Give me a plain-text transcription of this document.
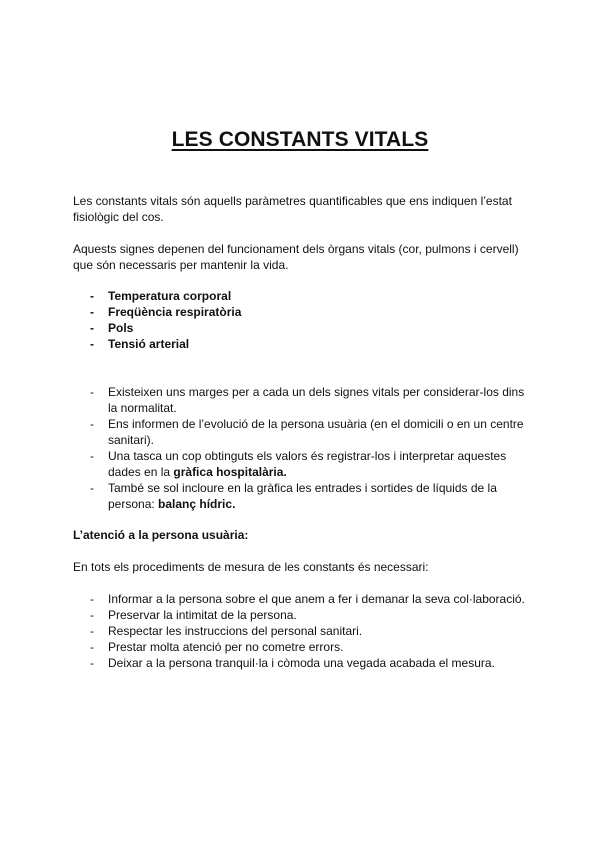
LES CONSTANTS VITALS

Les constants vitals són aquells paràmetres quantificables que ens indiquen l’estat fisiològic del cos.

Aquests signes depenen del funcionament dels òrgans vitals (cor, pulmons i cervell) que són necessaris per mantenir la vida.

- Temperatura corporal
- Freqüència respiratòria
- Pols
- Tensió arterial
- Existeixen uns marges per a cada un dels signes vitals per considerar-los dins la normalitat.
- Ens informen de l’evolució de la persona usuària (en el domicili o en un centre sanitari).
- Una tasca un cop obtinguts els valors és registrar-los i interpretar aquestes dades en la gràfica hospitalària.
- També se sol incloure en la gràfica les entrades i sortides de líquids de la persona: balanç hídric.

L’atenció a la persona usuària:

En tots els procediments de mesura de les constants és necessari:

- Informar a la persona sobre el que anem a fer i demanar la seva col·laboració.
- Preservar la intimitat de la persona.
- Respectar les instruccions del personal sanitari.
- Prestar molta atenció per no cometre errors.
- Deixar a la persona tranquil·la i còmoda una vegada acabada el mesura.
